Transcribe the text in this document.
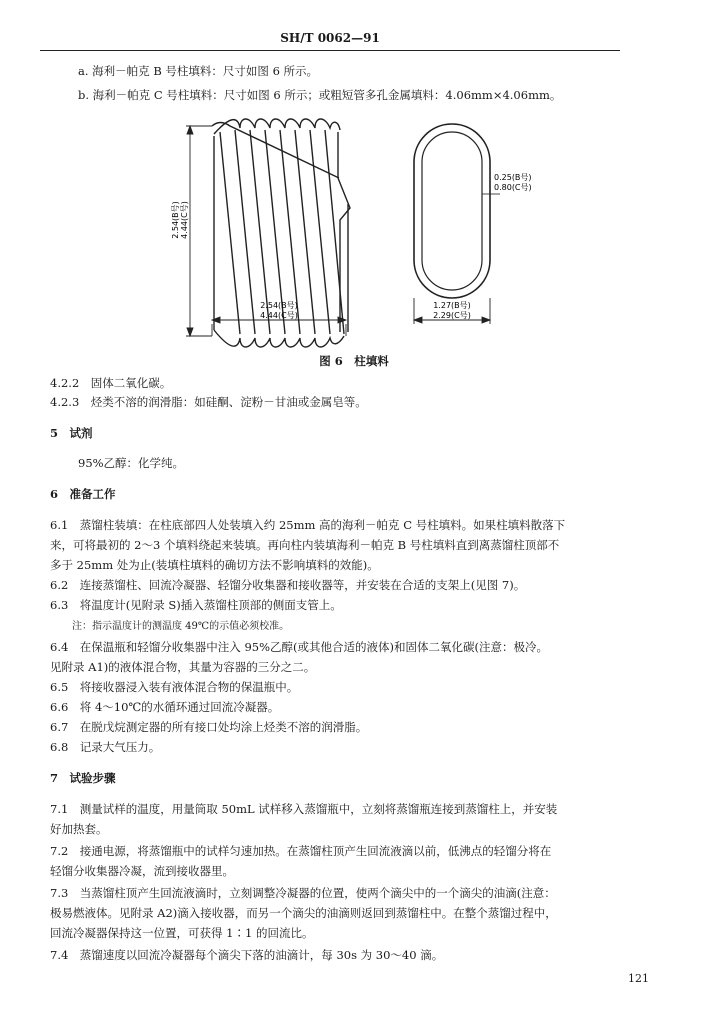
SH/T 0062—91
a. 海利－帕克 B 号柱填料：尺寸如图 6 所示。
b. 海利－帕克 C 号柱填料：尺寸如图 6 所示；或粗短管多孔金属填料：4.06mm×4.06mm。
2.54(B号) 4.44(C号)
2.54(B号)
4.44(C号)
0.25(B号)
0.80(C号)
1.27(B号)
2.29(C号)
图 6　柱填料
4.2.2　固体二氧化碳。
4.2.3　烃类不溶的润滑脂：如硅酮、淀粉－甘油或金属皂等。
5　试剂
95%乙醇：化学纯。
6　准备工作
6.1　蒸馏柱装填：在柱底部四人处装填入约 25mm 高的海利－帕克 C 号柱填料。如果柱填料散落下
来，可将最初的 2～3 个填料绕起来装填。再向柱内装填海利－帕克 B 号柱填料直到离蒸馏柱顶部不
多于 25mm 处为止(装填柱填料的确切方法不影响填料的效能)。
6.2　连接蒸馏柱、回流冷凝器、轻馏分收集器和接收器等，并安装在合适的支架上(见图 7)。
6.3　将温度计(见附录 S)插入蒸馏柱顶部的侧面支管上。
注：指示温度计的测温度 49℃的示值必须校准。
6.4　在保温瓶和轻馏分收集器中注入 95%乙醇(或其他合适的液体)和固体二氧化碳(注意：极冷。
见附录 A1)的液体混合物，其量为容器的三分之二。
6.5　将接收器浸入装有液体混合物的保温瓶中。
6.6　将 4～10℃的水循环通过回流冷凝器。
6.7　在脱戊烷测定器的所有接口处均涂上烃类不溶的润滑脂。
6.8　记录大气压力。
7　试验步骤
7.1　测量试样的温度，用量筒取 50mL 试样移入蒸馏瓶中，立刻将蒸馏瓶连接到蒸馏柱上，并安装
好加热套。
7.2　接通电源，将蒸馏瓶中的试样匀速加热。在蒸馏柱顶产生回流液滴以前，低沸点的轻馏分将在
轻馏分收集器冷凝，流到接收器里。
7.3　当蒸馏柱顶产生回流液滴时，立刻调整冷凝器的位置，使两个滴尖中的一个滴尖的油滴(注意：
极易燃液体。见附录 A2)滴入接收器，而另一个滴尖的油滴则返回到蒸馏柱中。在整个蒸馏过程中，
回流冷凝器保持这一位置，可获得 1∶1 的回流比。
7.4　蒸馏速度以回流冷凝器每个滴尖下落的油滴计，每 30s 为 30～40 滴。
121
